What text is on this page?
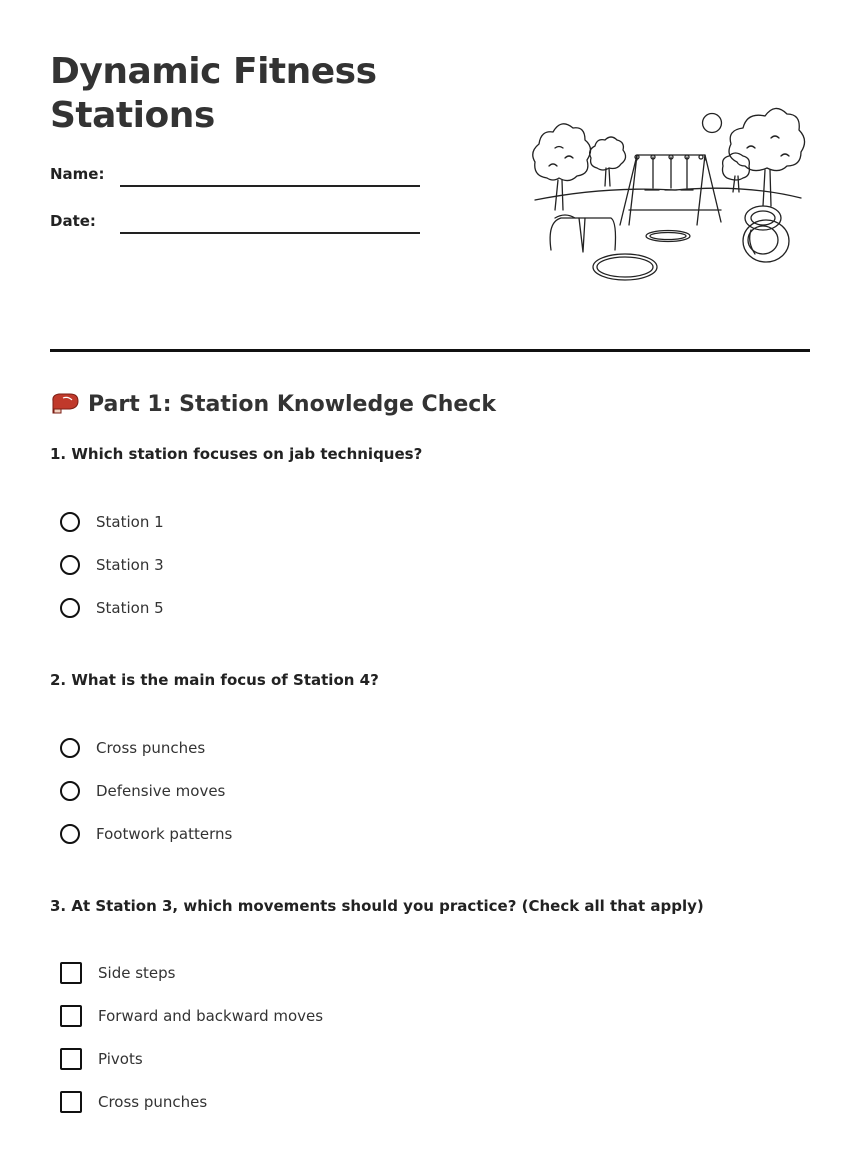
Dynamic Fitness
Stations
Name:
Date:
Part 1: Station Knowledge Check
1. Which station focuses on jab techniques?
Station 1
Station 3
Station 5
2. What is the main focus of Station 4?
Cross punches
Defensive moves
Footwork patterns
3. At Station 3, which movements should you practice? (Check all that apply)
Side steps
Forward and backward moves
Pivots
Cross punches
